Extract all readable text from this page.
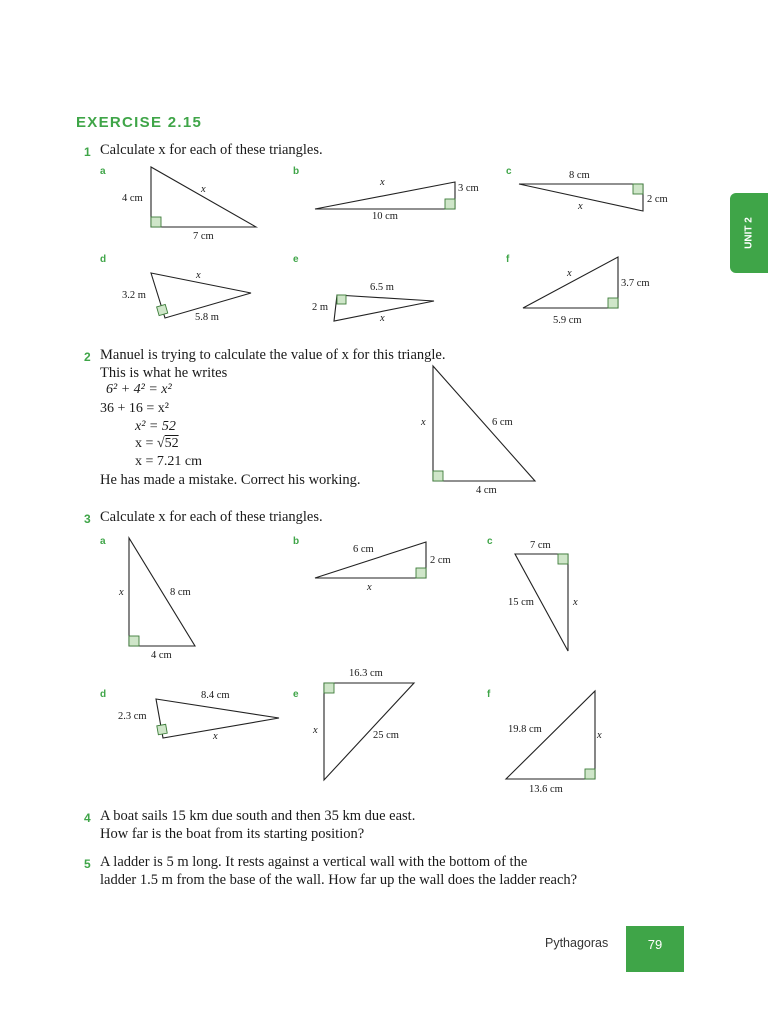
EXERCISE 2.15
UNIT 2
1 Calculate x for each of these triangles.
a
4 cm
x
7 cm
b
x
3 cm
10 cm
c	8 cm
2 cm
x
d
x
3.2 m
5.8 m
e
6.5 m
2 m
x
f
x
3.7 cm
5.9 cm
2 Manuel is trying to calculate the value of x for this triangle.
This is what he writes
6² + 4² = x²
36 + 16 = x²
x² = 52
x = √52
x = 7.21 cm
He has made a mistake. Correct his working.
x	6 cm
4 cm
3 Calculate x for each of these triangles.
a
x	8 cm
4 cm
b
6 cm
2 cm
x
c	7 cm
15 cm	x
d	8.4 cm
2.3 cm
x
e
16.3 cm
x	25 cm
f
19.8 cm
x
13.6 cm
4 A boat sails 15 km due south and then 35 km due east.
How far is the boat from its starting position?
5 A ladder is 5 m long. It rests against a vertical wall with the bottom of the
ladder 1.5 m from the base of the wall. How far up the wall does the ladder reach?
Pythagoras	79
